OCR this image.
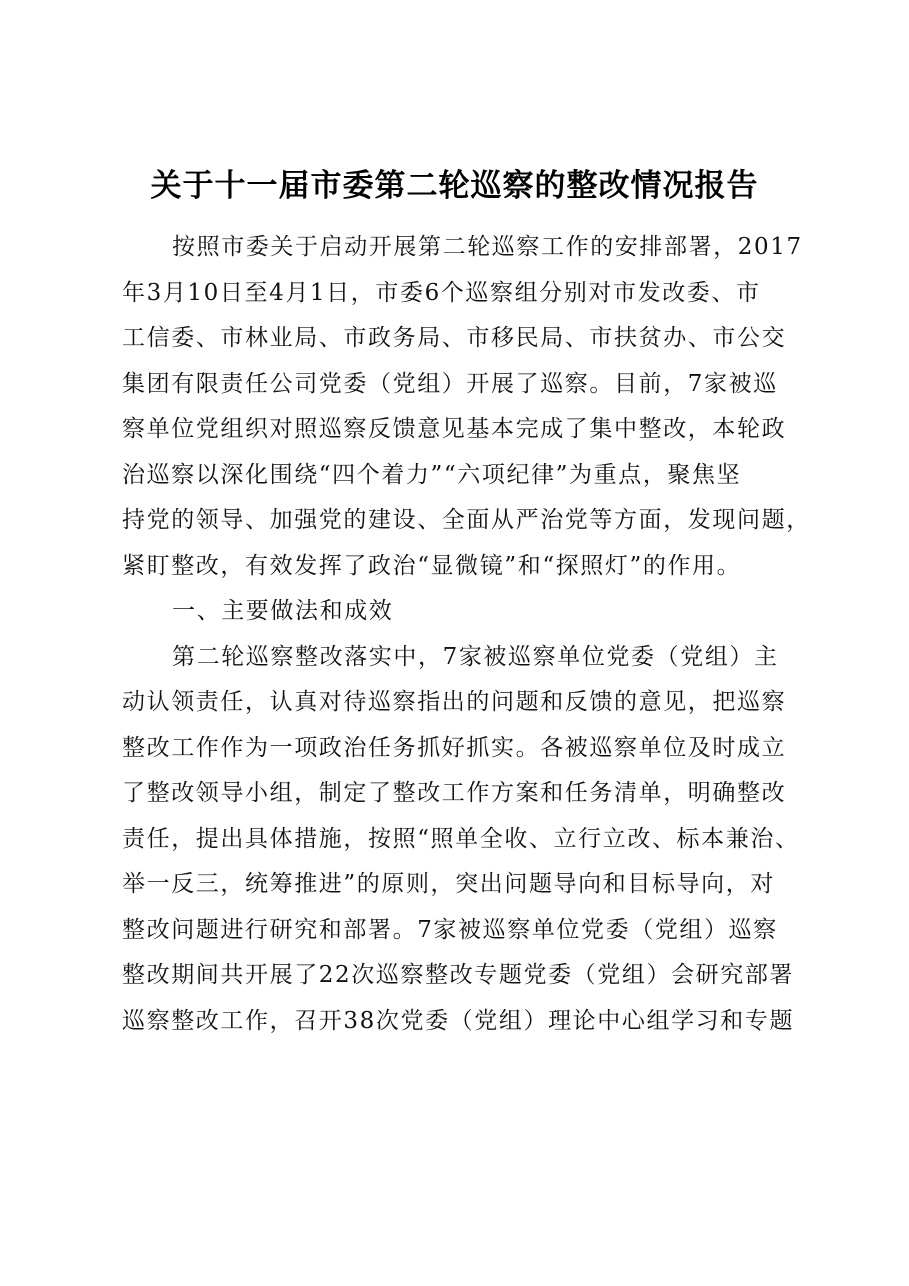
关于十一届市委第二轮巡察的整改情况报告
按照市委关于启动开展第二轮巡察工作的安排部署，2017
年3月10日至4月1日，市委6个巡察组分别对市发改委、市
工信委、市林业局、市政务局、市移民局、市扶贫办、市公交
集团有限责任公司党委（党组）开展了巡察。目前，7家被巡
察单位党组织对照巡察反馈意见基本完成了集中整改，本轮政
治巡察以深化围绕“四个着力”“六项纪律”为重点，聚焦坚
持党的领导、加强党的建设、全面从严治党等方面，发现问题，
紧盯整改，有效发挥了政治“显微镜”和“探照灯”的作用。
一、主要做法和成效
第二轮巡察整改落实中，7家被巡察单位党委（党组）主
动认领责任，认真对待巡察指出的问题和反馈的意见，把巡察
整改工作作为一项政治任务抓好抓实。各被巡察单位及时成立
了整改领导小组，制定了整改工作方案和任务清单，明确整改
责任，提出具体措施，按照“照单全收、立行立改、标本兼治、
举一反三，统筹推进”的原则，突出问题导向和目标导向，对
整改问题进行研究和部署。7家被巡察单位党委（党组）巡察
整改期间共开展了22次巡察整改专题党委（党组）会研究部署
巡察整改工作，召开38次党委（党组）理论中心组学习和专题
